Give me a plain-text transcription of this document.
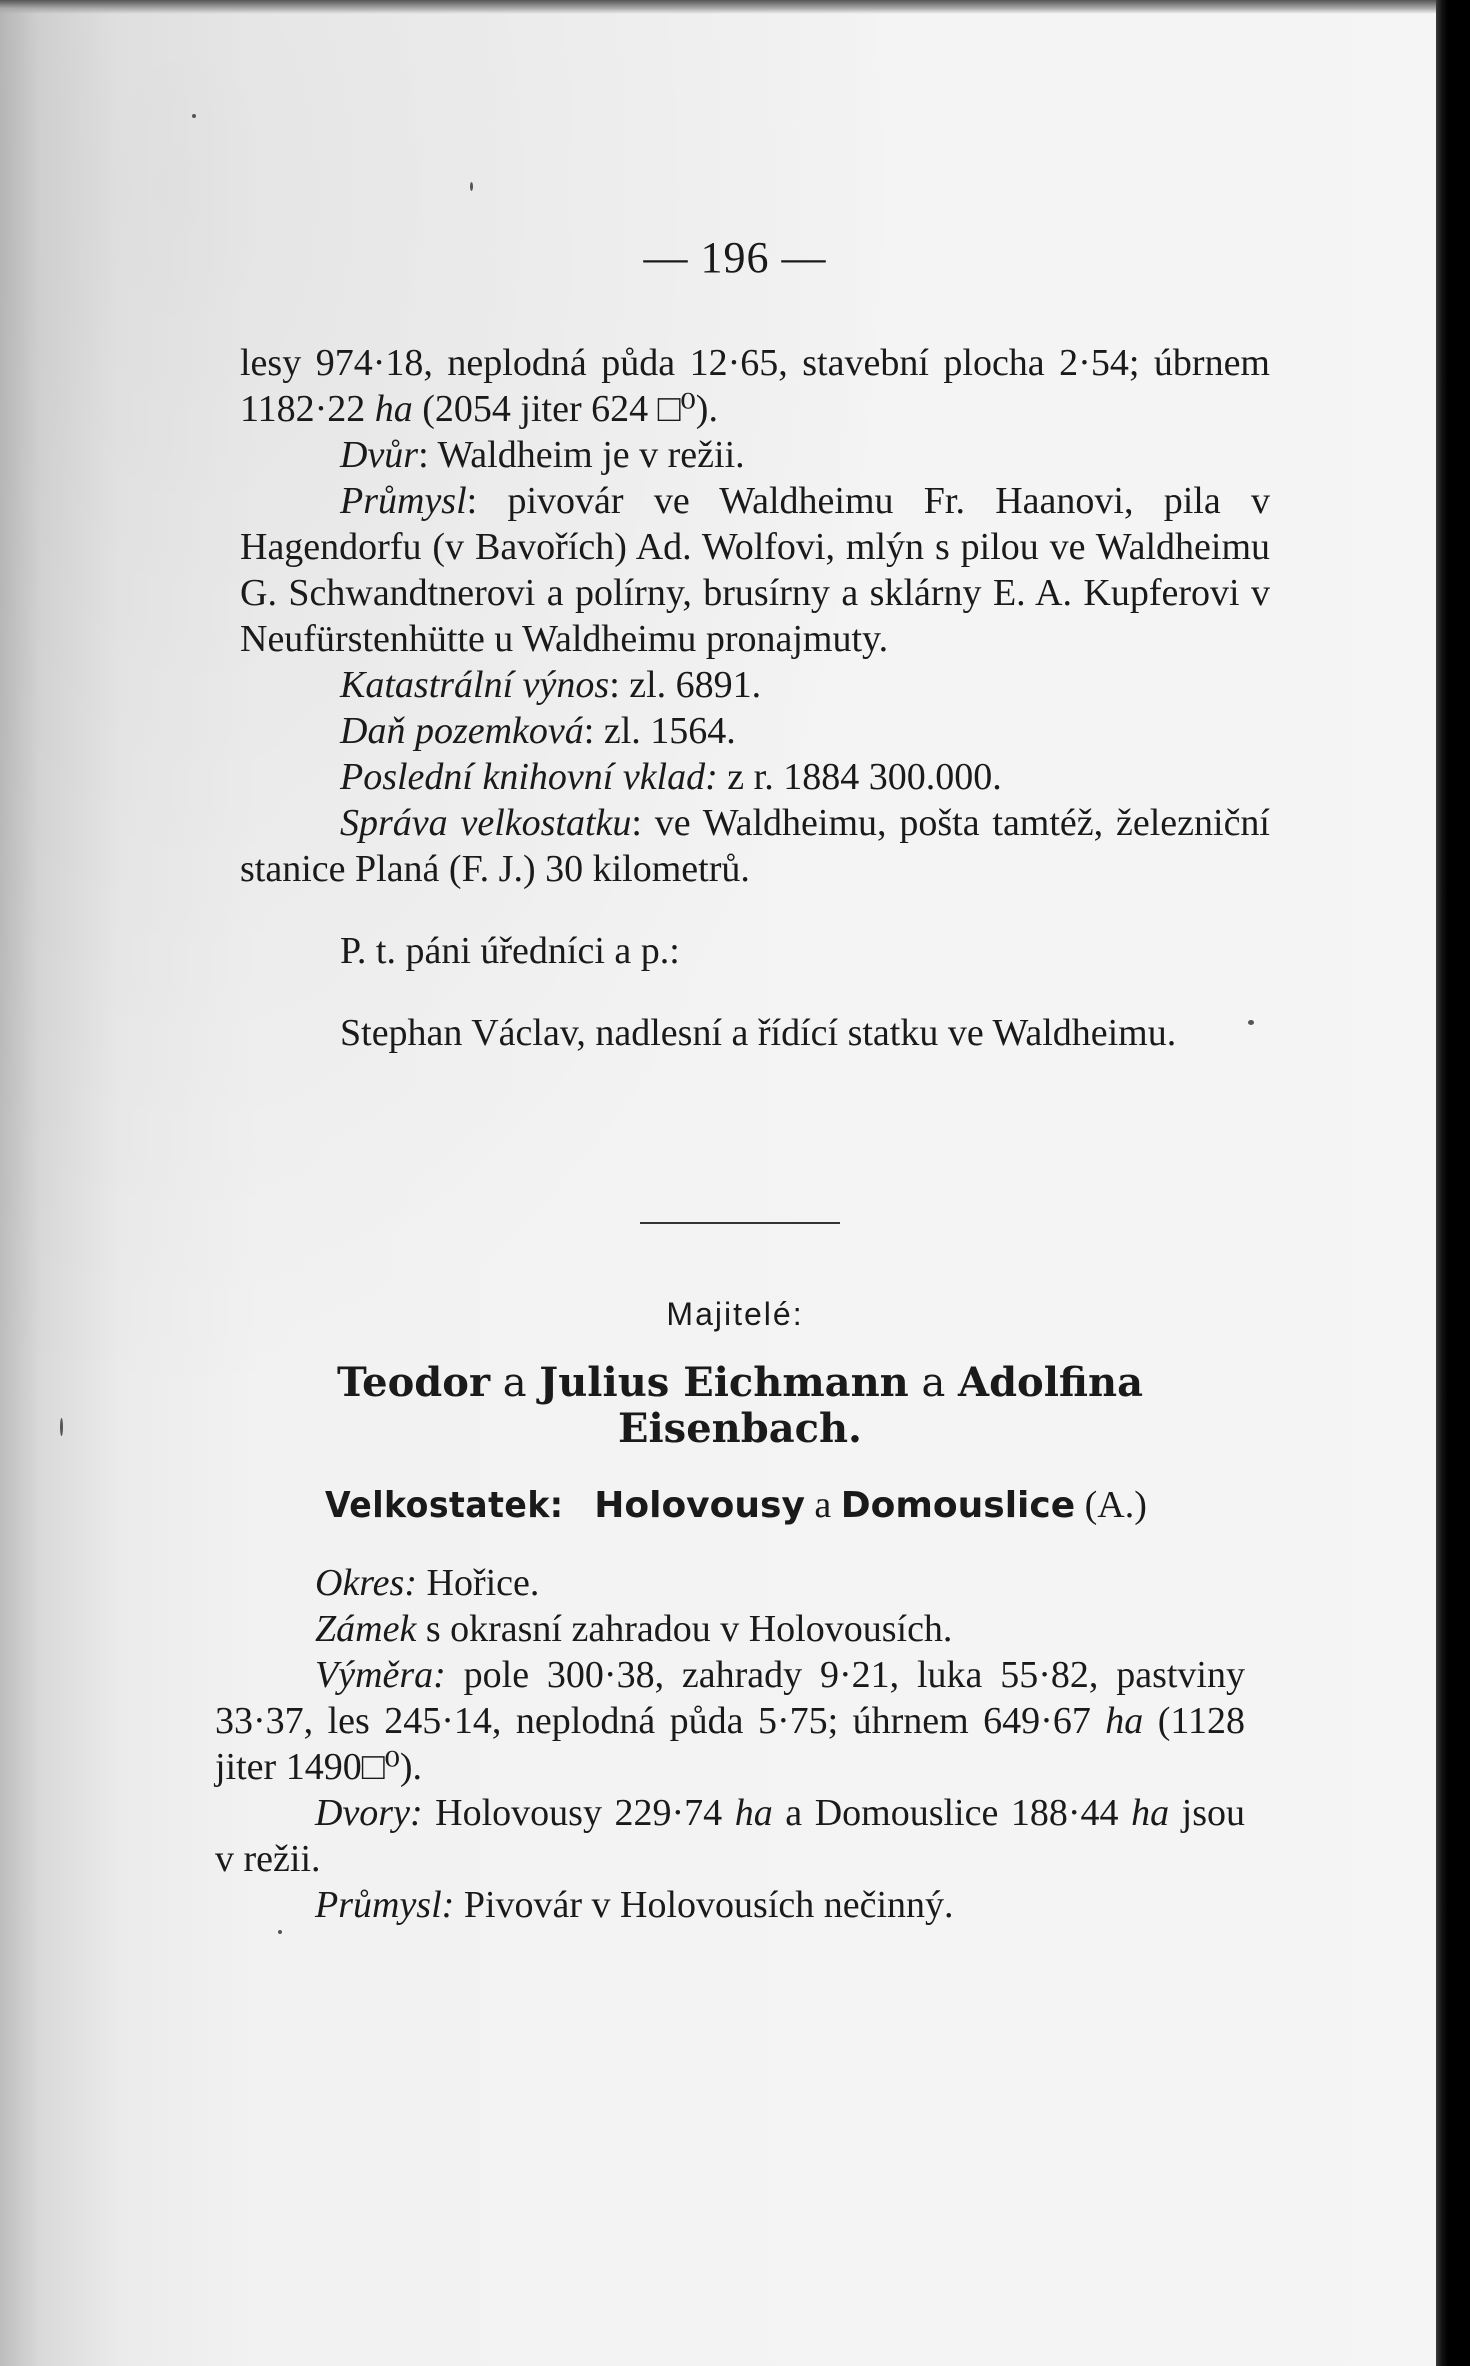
— 196 —

lesy 974·18, neplodná půda 12·65, stavební plocha 2·54; úbrnem 1182·22 ha (2054 jiter 624 □⁰).

Dvůr: Waldheim je v režii.

Průmysl: pivovár ve Waldheimu Fr. Haanovi, pila v Hagendorfu (v Bavořích) Ad. Wolfovi, mlýn s pilou ve Waldheimu G. Schwandtnerovi a polírny, brusírny a sklárny E. A. Kupferovi v Neufürstenhütte u Waldheimu pronajmuty.

Katastrální výnos: zl. 6891.

Daň pozemková: zl. 1564.

Poslední knihovní vklad: z r. 1884 300.000.

Správa velkostatku: ve Waldheimu, pošta tamtéž, železniční stanice Planá (F. J.) 30 kilometrů.

P. t. páni úředníci a p.:

Stephan Václav, nadlesní a řídící statku ve Waldheimu.

Majitelé:
Teodor a Julius Eichmann a Adolfina Eisenbach.
Velkostatek: Holovousy a Domouslice (A.)

Okres: Hořice.

Zámek s okrasní zahradou v Holovousích.

Výměra: pole 300·38, zahrady 9·21, luka 55·82, pastviny 33·37, les 245·14, neplodná půda 5·75; úhrnem 649·67 ha (1128 jiter 1490□⁰).

Dvory: Holovousy 229·74 ha a Domouslice 188·44 ha jsou v režii.

Průmysl: Pivovár v Holovousích nečinný.
